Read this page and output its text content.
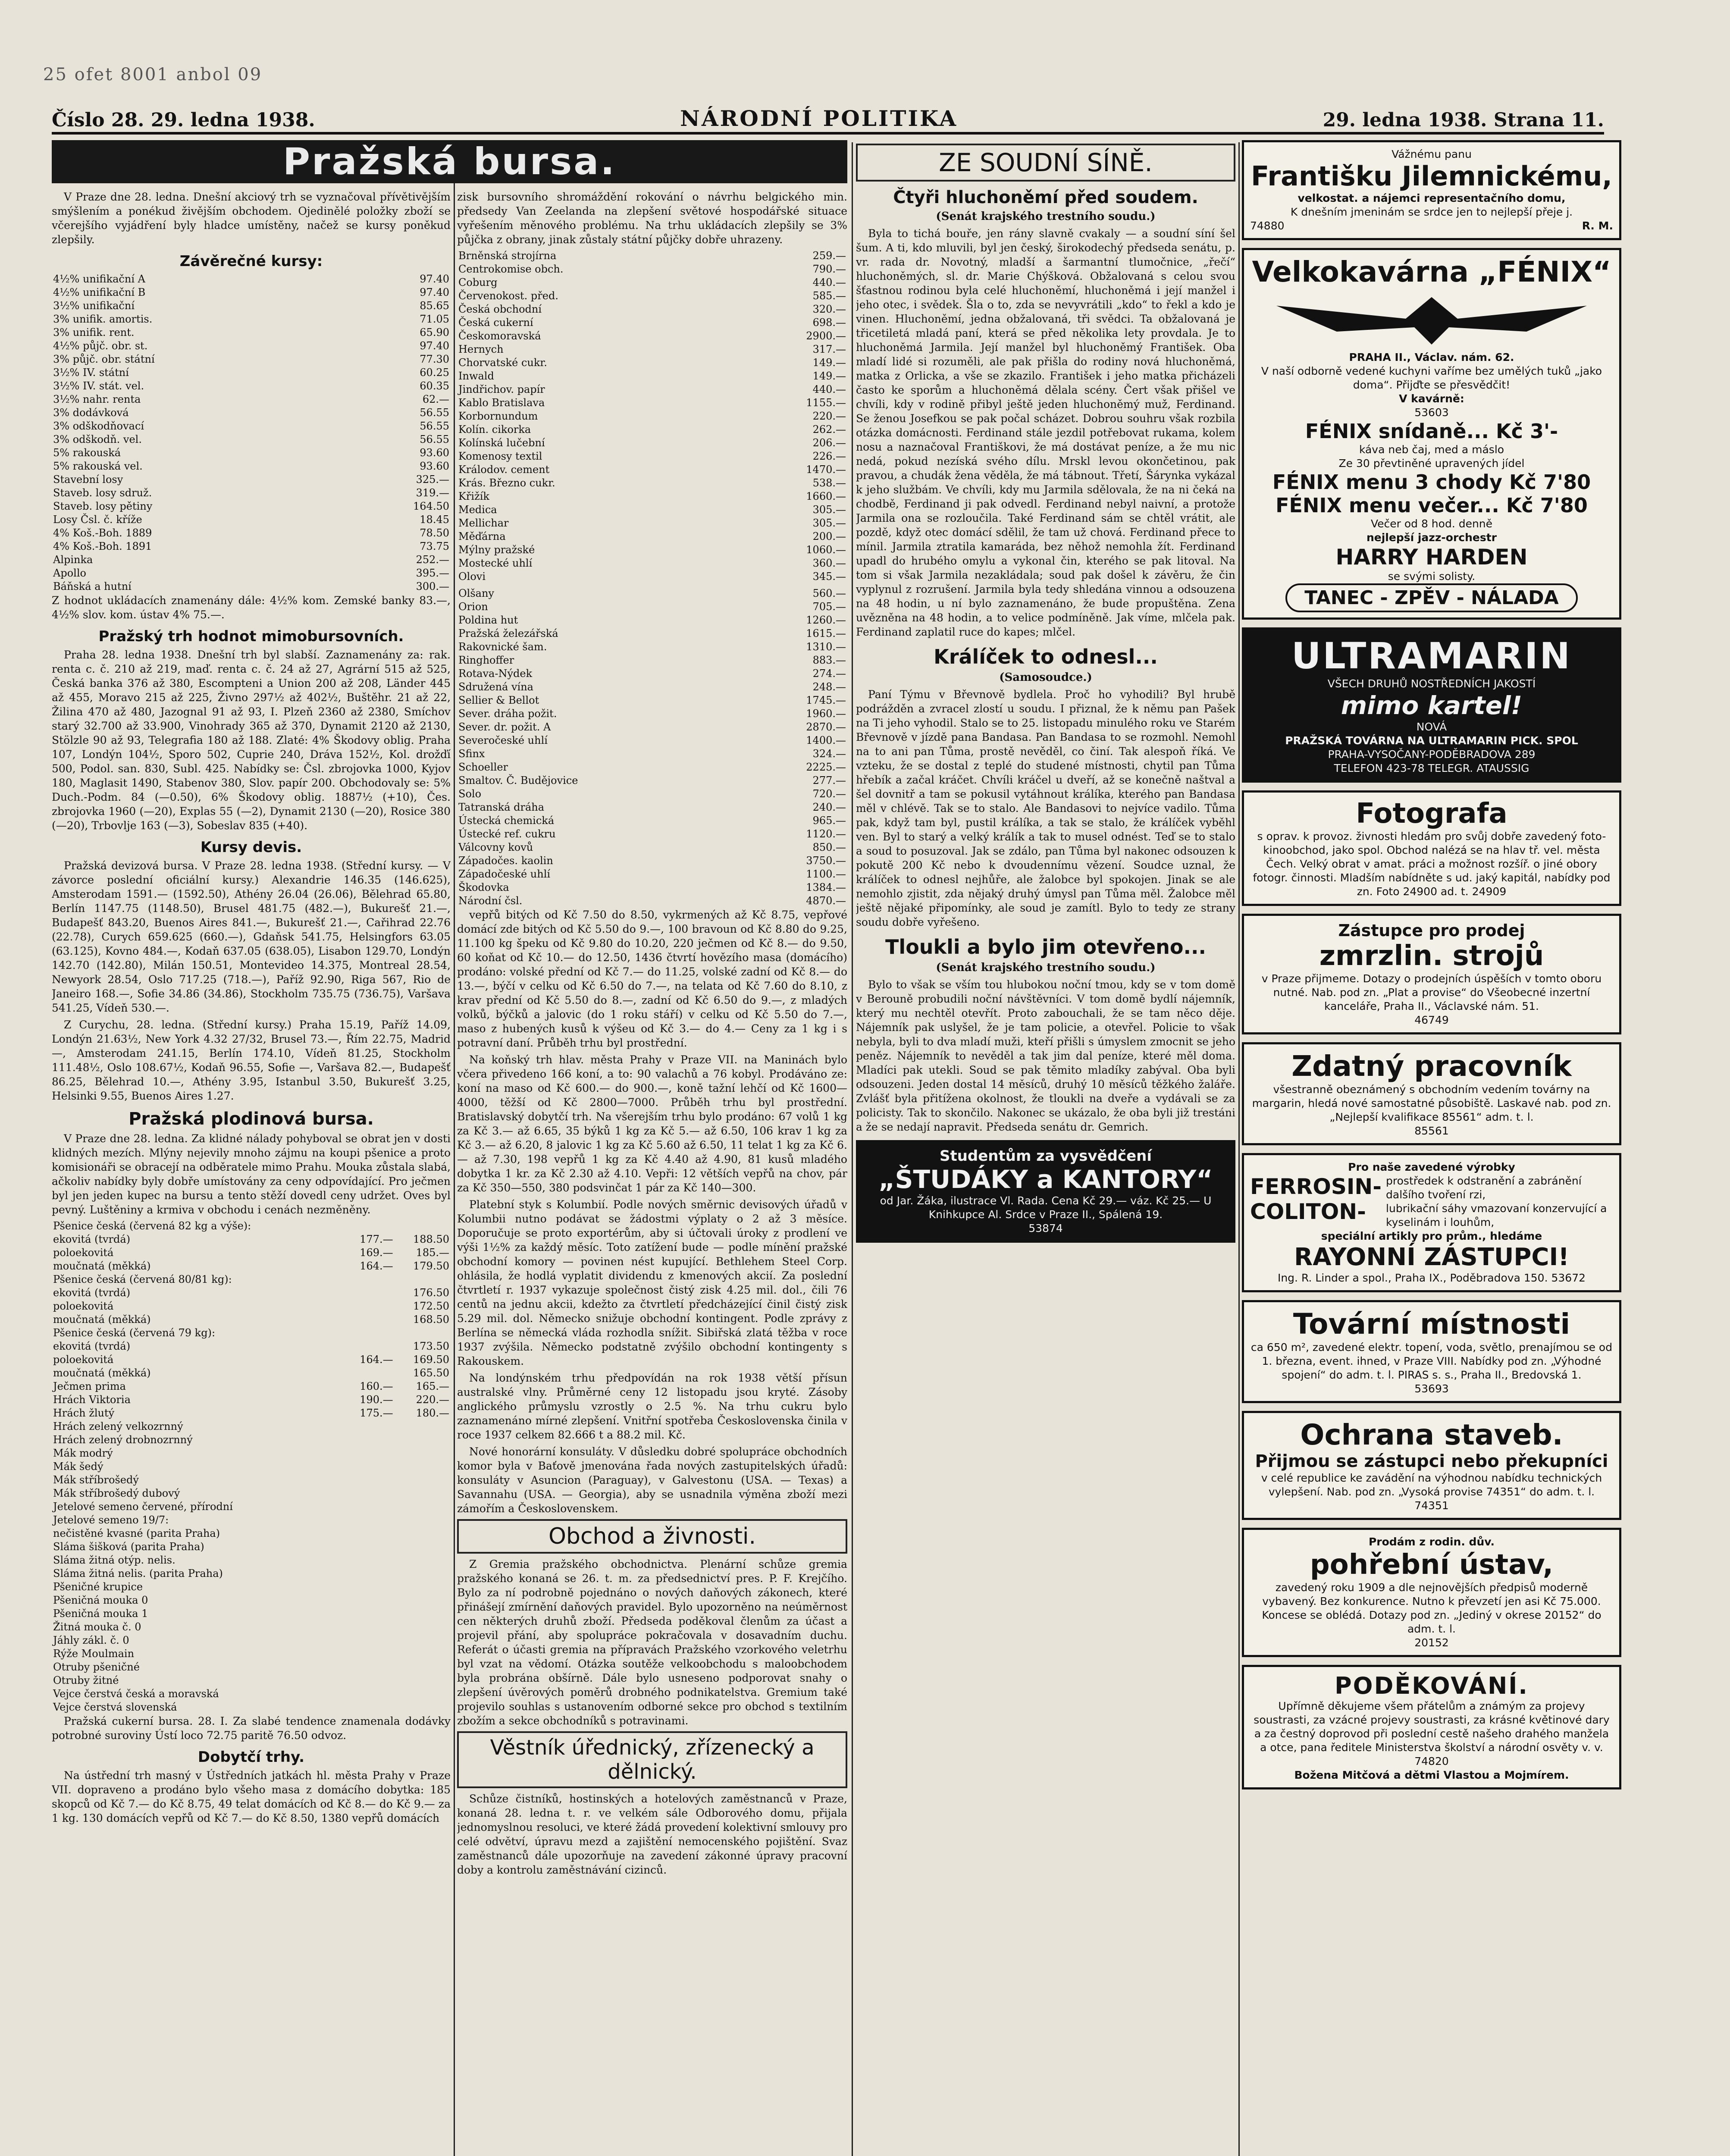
25 ofet 8001 anbol 09
Číslo 28. 29. ledna 1938.	NÁRODNÍ POLITIKA	29. ledna 1938. Strana 11.
Pražská bursa.

V Praze dne 28. ledna. Dnešní akciový trh se vyznačoval přívětivějším smýšlením a ponékud živějším obchodem. Ojedinělé položky zboží se včerejšího vyjádření byly hladce umístěny, načež se kursy poněkud zlepšily.

Závěrečné kursy:
4½% unifikační A	97.40
4½% unifikační B	97.40
3½% unifikační	85.65
3% unifik. amortis.	71.05
3% unifik. rent.	65.90
4½% půjč. obr. st.	97.40
3% půjč. obr. státní	77.30
3½% IV. státní	60.25
3½% IV. stát. vel.	60.35
3½% nahr. renta	62.—
3% dodávková	56.55
3% odškodňovací	56.55
3% odškodň. vel.	56.55
5% rakouská	93.60
5% rakouská vel.	93.60
Stavební losy	325.—
Staveb. losy sdruž.	319.—
Staveb. losy pětiny	164.50
Losy Čsl. č. kříže	18.45
4% Koš.-Boh. 1889	78.50
4% Koš.-Boh. 1891	73.75
Alpinka	252.—
Apollo	395.—
Báňská a hutní	300.—

Z hodnot ukládacích znamenány dále: 4½% kom. Zemské banky 83.—, 4½% slov. kom. ústav 4% 75.—.

Pražský trh hodnot mimobursovních.

Praha 28. ledna 1938. Dnešní trh byl slabší. Zaznamenány za: rak. renta c. č. 210 až 219, maď. renta c. č. 24 až 27, Agrární 515 až 525, Česká banka 376 až 380, Escompteni a Union 200 až 208, Länder 445 až 455, Moravo 215 až 225, Živno 297½ až 402½, Buštěhr. 21 až 22, Žilina 470 až 480, Jazognal 91 až 93, I. Plzeň 2360 až 2380, Smíchov starý 32.700 až 33.900, Vinohrady 365 až 370, Dynamit 2120 až 2130, Stölzle 90 až 93, Telegrafia 180 až 188. Zlaté: 4% Škodovy oblig. Praha 107, Londýn 104½, Sporo 502, Cuprie 240, Dráva 152½, Kol. drožďí 500, Podol. san. 830, Subl. 425. Nabídky se: Čsl. zbrojovka 1000, Kyjov 180, Maglasit 1490, Stabenov 380, Slov. papír 200. Obchodovaly se: 5% Duch.-Podm. 84 (—0.50), 6% Škodovy oblig. 1887½ (+10), Čes. zbrojovka 1960 (—20), Explas 55 (—2), Dynamit 2130 (—20), Rosice 380 (—20), Trbovlje 163 (—3), Sobeslav 835 (+40).

Kursy devis.

Pražská devizová bursa. V Praze 28. ledna 1938. (Střední kursy. — V závorce poslední oficiální kursy.) Alexandrie 146.35 (146.625), Amsterodam 1591.— (1592.50), Athény 26.04 (26.06), Bělehrad 65.80, Berlín 1147.75 (1148.50), Brusel 481.75 (482.—), Bukurešť 21.—, Budapešť 843.20, Buenos Aires 841.—, Bukurešť 21.—, Cařihrad 22.76 (22.78), Curych 659.625 (660.—), Gdaňsk 541.75, Helsingfors 63.05 (63.125), Kovno 484.—, Kodaň 637.05 (638.05), Lisabon 129.70, Londýn 142.70 (142.80), Milán 150.51, Montevideo 14.375, Montreal 28.54, Newyork 28.54, Oslo 717.25 (718.—), Paříž 92.90, Riga 567, Rio de Janeiro 168.—, Sofie 34.86 (34.86), Stockholm 735.75 (736.75), Varšava 541.25, Vídeň 530.—.

Z Curychu, 28. ledna. (Střední kursy.) Praha 15.19, Paříž 14.09, Londýn 21.63½, New York 4.32 27/32, Brusel 73.—, Řím 22.75, Madrid —, Amsterodam 241.15, Berlín 174.10, Vídeň 81.25, Stockholm 111.48½, Oslo 108.67½, Kodaň 96.55, Sofie —, Varšava 82.—, Budapešť 86.25, Bělehrad 10.—, Athény 3.95, Istanbul 3.50, Bukurešť 3.25, Helsinki 9.55, Buenos Aires 1.27.

Pražská plodinová bursa.

V Praze dne 28. ledna. Za klidné nálady pohyboval se obrat jen v dosti klidných mezích. Mlýny nejevily mnoho zájmu na koupi pšenice a proto komisionáři se obracejí na odběratele mimo Prahu. Mouka zůstala slabá, ačkoliv nabídky byly dobře umístovány za ceny odpovídající. Pro ječmen byl jen jeden kupec na bursu a tento stěží dovedl ceny udržet. Oves byl pevný. Luštěniny a krmiva v obchodu i cenách nezměněny.

Pšenice česká (červená 82 kg a výše):		
ekovitá (tvrdá)	177.—	188.50
poloekovitá	169.—	185.—
moučnatá (měkká)	164.—	179.50
Pšenice česká (červená 80/81 kg):		
ekovitá (tvrdá)		176.50
poloekovitá		172.50
moučnatá (měkká)		168.50
Pšenice česká (červená 79 kg):		
ekovitá (tvrdá)		173.50
poloekovitá	164.—	169.50
moučnatá (měkká)		165.50
Ječmen prima	160.—	165.—
Hrách Viktoria	190.—	220.—
Hrách žlutý	175.—	180.—
Hrách zelený velkozrnný		
Hrách zelený drobnozrnný		
Mák modrý		
Mák šedý		
Mák stříbrošedý		
Mák stříbrošedý dubový		
Jetelové semeno červené, přírodní		
Jetelové semeno 19/7:		
nečistěné kvasné (parita Praha)		
Sláma šišková (parita Praha)		
Sláma žitná otýp. nelis.		
Sláma žitná nelis. (parita Praha)		
Pšeničné krupice		
Pšeničná mouka 0		
Pšeničná mouka 1		
Žitná mouka č. 0		
Jáhly zákl. č. 0		
Rýže Moulmain		
Otruby pšeničné		
Otruby žitné		
Vejce čerstvá česká a moravská		
Vejce čerstvá slovenská		

Pražská cukerní bursa. 28. I. Za slabé tendence znamenala dodávky potrobné suroviny Ústí loco 72.75 paritě 76.50 odvoz.

Dobytčí trhy.

Na ústřední trh masný v Ústředních jatkách hl. města Prahy v Praze VII. dopraveno a prodáno bylo všeho masa z domácího dobytka: 185 skopců od Kč 7.— do Kč 8.75, 49 telat domácích od Kč 8.— do Kč 9.— za 1 kg. 130 domácích vepřů od Kč 7.— do Kč 8.50, 1380 vepřů domácích

zisk bursovního shromáždění rokování o návrhu belgického min. předsedy Van Zeelanda na zlepšení světové hospodářské situace vyřešením měnového problému. Na trhu ukládacích zlepšily se 3% půjčka z obrany, jinak zůstaly státní půjčky dobře uhrazeny.

Brněnská strojírna	259.—
Centrokomise obch.	790.—
Coburg	440.—
Červenokost. před.	585.—
Česká obchodní	320.—
Česká cukerní	698.—
Českomoravská	2900.—
Hernych	317.—
Chorvatské cukr.	149.—
Inwald	149.—
Jindřichov. papír	440.—
Kablo Bratislava	1155.—
Korbornundum	220.—
Kolín. cikorka	262.—
Kolínská lučební	206.—
Komenosy textil	226.—
Králodov. cement	1470.—
Krás. Březno cukr.	538.—
Křižík	1660.—
Medica	305.—
Mellichar	305.—
Měďárna	200.—
Mýlny pražské	1060.—
Mostecké uhlí	360.—
Olovi	345.—
Olšany	560.—
Orion	705.—
Poldina hut	1260.—
Pražská železářská	1615.—
Rakovnické šam.	1310.—
Ringhoffer	883.—
Rotava-Nýdek	274.—
Sdružená vína	248.—
Sellier & Bellot	1745.—
Sever. dráha požit.	1960.—
Sever. dr. požit. A	2870.—
Severočeské uhlí	1400.—
Sfinx	324.—
Schoeller	2225.—
Smaltov. Č. Budějovice	277.—
Solo	720.—
Tatranská dráha	240.—
Ústecká chemická	965.—
Ústecké ref. cukru	1120.—
Válcovny kovů	850.—
Západočes. kaolin	3750.—
Západočeské uhlí	1100.—
Škodovka	1384.—
Národní čsl.	4870.—

vepřů bitých od Kč 7.50 do 8.50, vykrmených až Kč 8.75, vepřové domácí zde bitých od Kč 5.50 do 9.—, 100 bravoun od Kč 8.80 do 9.25, 11.100 kg špeku od Kč 9.80 do 10.20, 220 ječmen od Kč 8.— do 9.50, 60 koňat od Kč 10.— do 12.50, 1436 čtvrtí hovězího masa (domácího) prodáno: volské přední od Kč 7.— do 11.25, volské zadní od Kč 8.— do 13.—, býčí v celku od Kč 6.50 do 7.—, na telata od Kč 7.60 do 8.10, z krav přední od Kč 5.50 do 8.—, zadní od Kč 6.50 do 9.—, z mladých volků, býčků a jalovic (do 1 roku stáří) v celku od Kč 5.50 do 7.—, maso z hubených kusů k výšeu od Kč 3.— do 4.— Ceny za 1 kg i s potravní daní. Průběh trhu byl prostřední.

Na koňský trh hlav. města Prahy v Praze VII. na Maninách bylo včera přivedeno 166 koní, a to: 90 valachů a 76 kobyl. Prodáváno ze: koní na maso od Kč 600.— do 900.—, koně tažní lehčí od Kč 1600—4000, těžší od Kč 2800—7000. Průběh trhu byl prostřední. Bratislavský dobytčí trh. Na všerejším trhu bylo prodáno: 67 volů 1 kg za Kč 3.— až 6.65, 35 býků 1 kg za Kč 5.— až 6.50, 106 krav 1 kg za Kč 3.— až 6.20, 8 jalovic 1 kg za Kč 5.60 až 6.50, 11 telat 1 kg za Kč 6.— až 7.30, 198 vepřů 1 kg za Kč 4.40 až 4.90, 81 kusů mladého dobytka 1 kr. za Kč 2.30 až 4.10. Vepři: 12 větších vepřů na chov, pár za Kč 350—550, 380 podsvinčat 1 pár za Kč 140—300.

Platební styk s Kolumbií. Podle nových směrnic devisových úřadů v Kolumbii nutno podávat se žádostmi výplaty o 2 až 3 měsíce. Doporučuje se proto exportérům, aby si účtovali úroky z prodlení ve výši 1½% za každý měsíc. Toto zatížení bude — podle mínění pražské obchodní komory — povinen nést kupující. Bethlehem Steel Corp. ohlásila, že hodlá vyplatit dividendu z kmenových akcií. Za poslední čtvrtletí r. 1937 vykazuje společnost čistý zisk 4.25 mil. dol., čili 76 centů na jednu akcii, kdežto za čtvrtletí předcházející činil čistý zisk 5.29 mil. dol. Německo snižuje obchodní kontingent. Podle zprávy z Berlína se německá vláda rozhodla snížit. Sibiřská zlatá těžba v roce 1937 zvýšila. Německo podstatně zvýšilo obchodní kontingenty s Rakouskem.

Na londýnském trhu předpovídán na rok 1938 větší přísun australské vlny. Průměrné ceny 12 listopadu jsou kryté. Zásoby anglického průmyslu vzrostly o 2.5 %. Na trhu cukru bylo zaznamenáno mírné zlepšení. Vnitřní spotřeba Československa činila v roce 1937 celkem 82.666 t a 88.2 mil. Kč.

Nové honorární konsuláty. V důsledku dobré spolupráce obchodních komor byla v Baťově jmenována řada nových zastupitelských úřadů: konsuláty v Asuncion (Paraguay), v Galvestonu (USA. — Texas) a Savannahu (USA. — Georgia), aby se usnadnila výměna zboží mezi zámořím a Československem.

Obchod a živnosti.

Z Gremia pražského obchodnictva. Plenární schůze gremia pražského konaná se 26. t. m. za předsednictví pres. P. F. Krejčího. Bylo za ní podrobně pojednáno o nových daňových zákonech, které přinášejí zmírnění daňových pravidel. Bylo upozorněno na neúměrnost cen některých druhů zboží. Předseda poděkoval členům za účast a projevil přání, aby spolupráce pokračovala v dosavadním duchu. Referát o účasti gremia na přípravách Pražského vzorkového veletrhu byl vzat na vědomí. Otázka soutěže velkoobchodu s maloobchodem byla probrána obšírně. Dále bylo usneseno podporovat snahy o zlepšení úvěrových poměrů drobného podnikatelstva. Gremium také projevilo souhlas s ustanovením odborné sekce pro obchod s textilním zbožím a sekce obchodníků s potravinami.

Věstník úřednický, zřízenecký a dělnický.

Schůze čistníků, hostinských a hotelových zaměstnanců v Praze, konaná 28. ledna t. r. ve velkém sále Odborového domu, přijala jednomyslnou resoluci, ve které žádá provedení kolektivní smlouvy pro celé odvětví, úpravu mezd a zajištění nemocenského pojištění. Svaz zaměstnanců dále upozorňuje na zavedení zákonné úpravy pracovní doby a kontrolu zaměstnávání cizinců.

ZE SOUDNÍ SÍNĚ.
Čtyři hluchoněmí před soudem.
(Senát krajského trestního soudu.)

Byla to tichá bouře, jen rány slavně cvakaly — a soudní síní šel šum. A ti, kdo mluvili, byl jen český, širokodechý předseda senátu, p. vr. rada dr. Novotný, mladší a šarmantní tlumočnice, „řečí“ hluchoněmých, sl. dr. Marie Chýšková. Obžalovaná s celou svou šťastnou rodinou byla celé hluchoněmí, hluchoněmá i její manžel i jeho otec, i svědek. Šla o to, zda se nevyvrátili „kdo“ to řekl a kdo je vinen. Hluchoněmí, jedna obžalovaná, tři svědci. Ta obžalovaná je třicetiletá mladá paní, která se před několika lety provdala. Je to hluchoněmá Jarmila. Její manžel byl hluchoněmý František. Oba mladí lidé si rozuměli, ale pak přišla do rodiny nová hluchoněmá, matka z Orlicka, a vše se zkazilo. František i jeho matka přicházeli často ke sporům a hluchoněmá dělala scény. Čert však přišel ve chvíli, kdy v rodině přibyl ještě jeden hluchoněmý muž, Ferdinand. Se ženou Josefkou se pak počal scházet. Dobrou souhru však rozbila otázka domácnosti. Ferdinand stále jezdil potřebovat rukama, kolem nosu a naznačoval Františkovi, že má dostávat peníze, a že mu nic nedá, pokud nezíská svého dílu. Mrskl levou okončetinou, pak pravou, a chudák žena věděla, že má tábnout. Třetí, Šárynka vykázal k jeho službám. Ve chvíli, kdy mu Jarmila sdělovala, že na ni čeká na chodbě, Ferdinand ji pak odvedl. Ferdinand nebyl naivní, a protože Jarmila ona se rozloučila. Také Ferdinand sám se chtěl vrátit, ale pozdě, když otec domácí sdělil, že tam už chová. Ferdinand přece to mínil. Jarmila ztratila kamaráda, bez něhož nemohla žít. Ferdinand upadl do hrubého omylu a vykonal čin, kterého se pak litoval. Na tom si však Jarmila nezakládala; soud pak došel k závěru, že čin vyplynul z rozrušení. Jarmila byla tedy shledána vinnou a odsouzena na 48 hodin, u ní bylo zaznamenáno, že bude propuštěna. Zena uvězněna na 48 hodin, a to velice podmíněně. Jak víme, mlčela pak. Ferdinand zaplatil ruce do kapes; mlčel.

Králíček to odnesl...
(Samosoudce.)

Paní Týmu v Břevnově bydlela. Proč ho vyhodili? Byl hrubě podrážděn a zvracel zlostí u soudu. I přiznal, že k němu pan Pašek na Ti jeho vyhodil. Stalo se to 25. listopadu minulého roku ve Starém Břevnově v jízdě pana Bandasa. Pan Bandasa to se rozmohl. Nemohl na to ani pan Tůma, prostě nevěděl, co činí. Tak alespoň říká. Ve vzteku, že se dostal z teplé do studené místnosti, chytil pan Tůma hřebík a začal kráčet. Chvíli kráčel u dveří, až se konečně naštval a šel dovnitř a tam se pokusil vytáhnout králíka, kterého pan Bandasa měl v chlévě. Tak se to stalo. Ale Bandasovi to nejvíce vadilo. Tůma pak, když tam byl, pustil králíka, a tak se stalo, že králíček vyběhl ven. Byl to starý a velký králík a tak to musel odnést. Teď se to stalo a soud to posuzoval. Jak se zdálo, pan Tůma byl nakonec odsouzen k pokutě 200 Kč nebo k dvoudennímu vězení. Soudce uznal, že králíček to odnesl nejhůře, ale žalobce byl spokojen. Jinak se ale nemohlo zjistit, zda nějaký druhý úmysl pan Tůma měl. Žalobce měl ještě nějaké připomínky, ale soud je zamítl. Bylo to tedy ze strany soudu dobře vyřešeno.

Tloukli a bylo jim otevřeno...
(Senát krajského trestního soudu.)

Bylo to však se vším tou hlubokou noční tmou, kdy se v tom domě v Berouně probudili noční návštěvníci. V tom domě bydlí nájemník, který mu nechtěl otevřít. Proto zabouchali, že se tam něco děje. Nájemník pak uslyšel, že je tam policie, a otevřel. Policie to však nebyla, byli to dva mladí muži, kteří přišli s úmyslem zmocnit se jeho peněz. Nájemník to nevěděl a tak jim dal peníze, které měl doma. Mladíci pak utekli. Soud se pak těmito mladíky zabýval. Oba byli odsouzeni. Jeden dostal 14 měsíců, druhý 10 měsíců těžkého žaláře. Zvlášť byla přitížena okolnost, že tloukli na dveře a vydávali se za policisty. Tak to skončilo. Nakonec se ukázalo, že oba byli již trestáni a že se nedají napravit. Předseda senátu dr. Gemrich.

Studentům za vysvědčení
„ŠTUDÁKY a KANTORY“
od Jar. Žáka, ilustrace Vl. Rada. Cena Kč 29.— váz. Kč 25.— U Knihkupce Al. Srdce v Praze II., Spálená 19.
53874
Vážnému panu
Františku Jilemnickému,
velkostat. a nájemci representačního domu,
K dnešním jmeninám se srdce jen to nejlepší přeje j.
74880	R. M.
Velkokavárna „FÉNIX“
PRAHA II., Václav. nám. 62.
V naší odborně vedené kuchyni vaříme bez umělých tuků „jako doma“. Přijďte se přesvědčit!
V kavárně:
53603
FÉNIX snídaně... Kč 3'-
káva neb čaj, med a máslo
Ze 30 převtiněné upravených jídel
FÉNIX menu 3 chody Kč 7'80
FÉNIX menu večer... Kč 7'80
Večer od 8 hod. denně
nejlepší jazz-orchestr
HARRY HARDEN
se svými solisty.
TANEC - ZPĚV - NÁLADA
ULTRAMARIN
VŠECH DRUHŮ NOSTŘEDNÍCH JAKOSTÍ
mimo kartel!
NOVÁ
PRAŽSKÁ TOVÁRNA NA ULTRAMARIN PICK. SPOL
PRAHA-VYSOČANY-PODĚBRADOVA 289
TELEFON 423-78 TELEGR. ATAUSSIG
Fotografa
s oprav. k provoz. živnosti hledám pro svůj dobře zavedený foto- kinoobchod, jako spol. Obchod nalézá se na hlav tř. vel. města Čech. Velký obrat v amat. práci a možnost rozšíř. o jiné obory fotogr. činnosti. Mladším nabídněte s ud. jaký kapitál, nabídky pod zn. Foto 24900 ad. t. 24909
Zástupce pro prodej
zmrzlin. strojů
v Praze přijmeme. Dotazy o prodejních úspěších v tomto oboru nutné. Nab. pod zn. „Plat a provise“ do Všeobecné inzertní kanceláře, Praha II., Václavské nám. 51.
46749
Zdatný pracovník
všestranně obeznámený s obchodním vedením továrny na margarin, hledá nové samostatné působiště. Laskavé nab. pod zn. „Nejlepší kvalifikace 85561“ adm. t. l.
85561
Pro naše zavedené výrobky
FERROSIN-
COLITON-
prostředek k odstranění a zabránění dalšího tvoření rzi,
lubrikační sáhy vmazovaní konzervující a kyselinám i louhům,
speciální artikly pro prům., hledáme
RAYONNÍ ZÁSTUPCI!
Ing. R. Linder a spol., Praha IX., Poděbradova 150. 53672
Tovární místnosti
ca 650 m², zavedené elektr. topení, voda, světlo, prenajímou se od 1. března, event. ihned, v Praze VIII. Nabídky pod zn. „Výhodné spojení“ do adm. t. l. PIRAS s. s., Praha II., Bredovská 1.
53693
Ochrana staveb.
Přijmou se zástupci nebo překupníci
v celé republice ke zavádění na výhodnou nabídku technických vylepšení. Nab. pod zn. „Vysoká provise 74351“ do adm. t. l.
74351
Prodám z rodin. dův.
pohřební ústav,
zavedený roku 1909 a dle nejnovějších předpisů moderně vybavený. Bez konkurence. Nutno k převzetí jen asi Kč 75.000. Koncese se oblédá. Dotazy pod zn. „Jediný v okrese 20152“ do adm. t. l.
20152
PODĚKOVÁNÍ.
Upřímně děkujeme všem přátelům a známým za projevy soustrasti, za vzácné projevy soustrasti, za krásné květinové dary a za čestný doprovod při poslední cestě našeho drahého manžela a otce, pana ředitele Ministerstva školství a národní osvěty v. v.
74820
Božena Mitčová a dětmi Vlastou a Mojmírem.
